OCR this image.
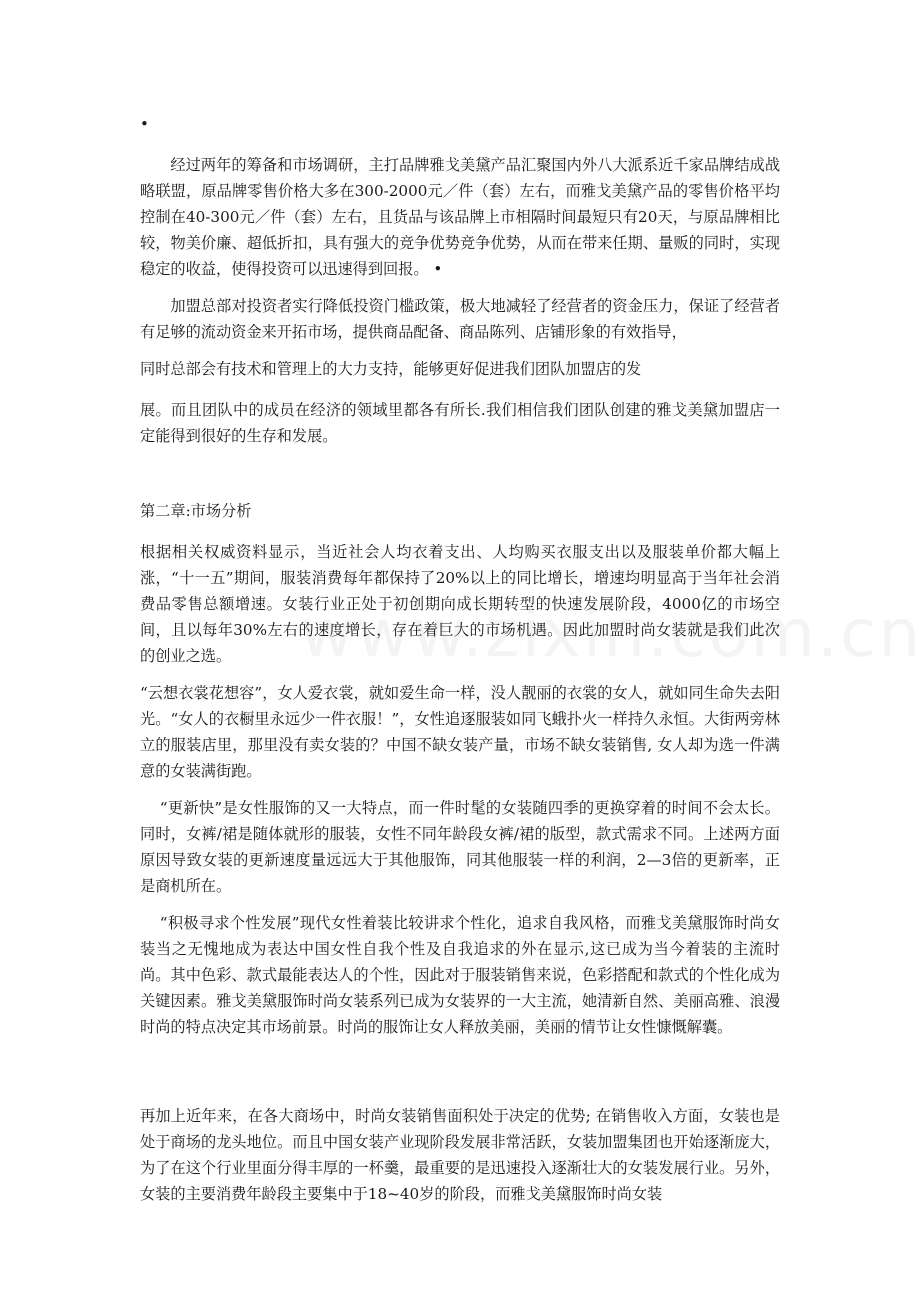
•

经过两年的筹备和市场调研，主打品牌雅戈美黛产品汇聚国内外八大派系近千家品牌结成战略联盟，原品牌零售价格大多在300-2000元／件（套）左右，而雅戈美黛产品的零售价格平均控制在40-300元／件（套）左右，且货品与该品牌上市相隔时间最短只有20天，与原品牌相比较，物美价廉、超低折扣，具有强大的竞争优势竞争优势，从而在带来任期、量贩的同时，实现稳定的收益，使得投资可以迅速得到回报。 •

加盟总部对投资者实行降低投资门槛政策，极大地减轻了经营者的资金压力，保证了经营者有足够的流动资金来开拓市场，提供商品配备、商品陈列、店铺形象的有效指导，

同时总部会有技术和管理上的大力支持，能够更好促进我们团队加盟店的发

展。而且团队中的成员在经济的领域里都各有所长.我们相信我们团队创建的雅戈美黛加盟店一定能得到很好的生存和发展。

第二章:市场分析

根据相关权威资料显示，当近社会人均衣着支出、人均购买衣服支出以及服装单价都大幅上涨，“十一五”期间，服装消费每年都保持了20%以上的同比增长，增速均明显高于当年社会消费品零售总额增速。女装行业正处于初创期向成长期转型的快速发展阶段，4000亿的市场空间，且以每年30%左右的速度增长，存在着巨大的市场机遇。因此加盟时尚女装就是我们此次的创业之选。

“云想衣裳花想容”，女人爱衣裳，就如爱生命一样，没人靓丽的衣裳的女人，就如同生命失去阳光。“女人的衣橱里永远少一件衣服！”，女性追逐服装如同飞蛾扑火一样持久永恒。大街两旁林立的服装店里，那里没有卖女装的？中国不缺女装产量，市场不缺女装销售, 女人却为选一件满意的女装满街跑。

“更新快”是女性服饰的又一大特点，而一件时髦的女装随四季的更换穿着的时间不会太长。同时，女裤/裙是随体就形的服装，女性不同年龄段女裤/裙的版型，款式需求不同。上述两方面原因导致女装的更新速度量远远大于其他服饰，同其他服装一样的利润，2—3倍的更新率，正是商机所在。

“积极寻求个性发展”现代女性着装比较讲求个性化，追求自我风格，而雅戈美黛服饰时尚女装当之无愧地成为表达中国女性自我个性及自我追求的外在显示,这已成为当今着装的主流时尚。其中色彩、款式最能表达人的个性，因此对于服装销售来说，色彩搭配和款式的个性化成为关键因素。雅戈美黛服饰时尚女装系列已成为女装界的一大主流，她清新自然、美丽高雅、浪漫时尚的特点决定其市场前景。时尚的服饰让女人释放美丽，美丽的情节让女性慷慨解囊。

再加上近年来，在各大商场中，时尚女装销售面积处于决定的优势; 在销售收入方面，女装也是处于商场的龙头地位。而且中国女装产业现阶段发展非常活跃，女装加盟集团也开始逐渐庞大，为了在这个行业里面分得丰厚的一杯羹，最重要的是迅速投入逐渐壮大的女装发展行业。另外，女装的主要消费年龄段主要集中于18~40岁的阶段，而雅戈美黛服饰时尚女装
